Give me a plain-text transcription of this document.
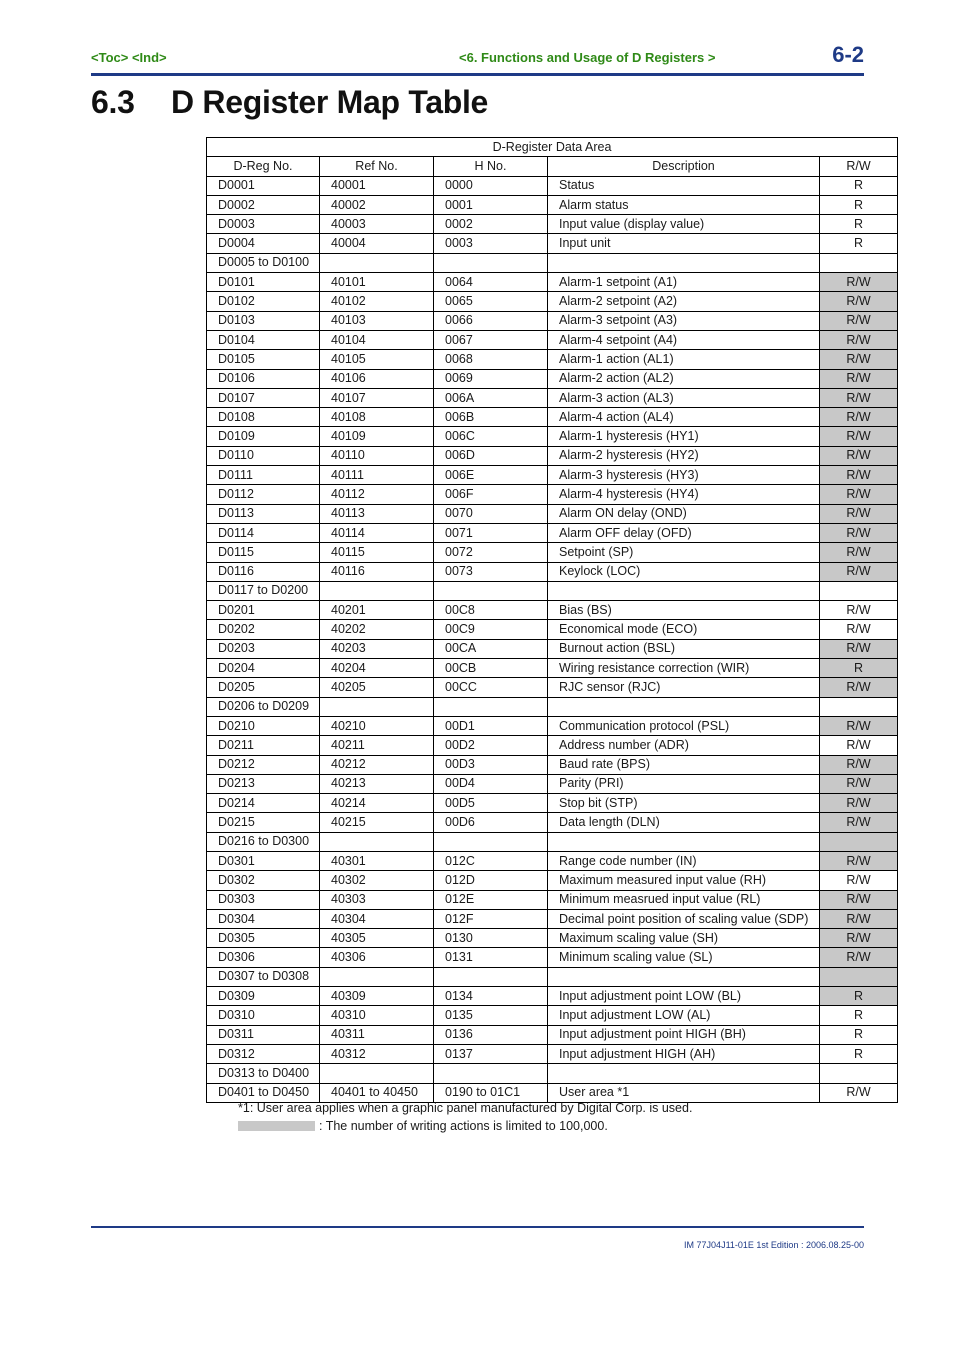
<Toc> <Ind>	<6. Functions and Usage of D Registers >	6-2
6.3 D Register Map Table
D-Register Data Area				
D-Reg No.	Ref No.	H No.	Description	R/W
D0001	40001	0000	Status	R
D0002	40002	0001	Alarm status	R
D0003	40003	0002	Input value (display value)	R
D0004	40004	0003	Input unit	R
D0005 to D0100				
D0101	40101	0064	Alarm-1 setpoint (A1)	R/W
D0102	40102	0065	Alarm-2 setpoint (A2)	R/W
D0103	40103	0066	Alarm-3 setpoint (A3)	R/W
D0104	40104	0067	Alarm-4 setpoint (A4)	R/W
D0105	40105	0068	Alarm-1 action (AL1)	R/W
D0106	40106	0069	Alarm-2 action (AL2)	R/W
D0107	40107	006A	Alarm-3 action (AL3)	R/W
D0108	40108	006B	Alarm-4 action (AL4)	R/W
D0109	40109	006C	Alarm-1 hysteresis (HY1)	R/W
D0110	40110	006D	Alarm-2 hysteresis (HY2)	R/W
D0111	40111	006E	Alarm-3 hysteresis (HY3)	R/W
D0112	40112	006F	Alarm-4 hysteresis (HY4)	R/W
D0113	40113	0070	Alarm ON delay (OND)	R/W
D0114	40114	0071	Alarm OFF delay (OFD)	R/W
D0115	40115	0072	Setpoint (SP)	R/W
D0116	40116	0073	Keylock (LOC)	R/W
D0117 to D0200				
D0201	40201	00C8	Bias (BS)	R/W
D0202	40202	00C9	Economical mode (ECO)	R/W
D0203	40203	00CA	Burnout action (BSL)	R/W
D0204	40204	00CB	Wiring resistance correction (WIR)	R
D0205	40205	00CC	RJC sensor (RJC)	R/W
D0206 to D0209				
D0210	40210	00D1	Communication protocol (PSL)	R/W
D0211	40211	00D2	Address number (ADR)	R/W
D0212	40212	00D3	Baud rate (BPS)	R/W
D0213	40213	00D4	Parity (PRI)	R/W
D0214	40214	00D5	Stop bit (STP)	R/W
D0215	40215	00D6	Data length (DLN)	R/W
D0216 to D0300				
D0301	40301	012C	Range code number (IN)	R/W
D0302	40302	012D	Maximum measured input value (RH)	R/W
D0303	40303	012E	Minimum measrued input value (RL)	R/W
D0304	40304	012F	Decimal point position of scaling value (SDP)	R/W
D0305	40305	0130	Maximum scaling value (SH)	R/W
D0306	40306	0131	Minimum scaling value (SL)	R/W
D0307 to D0308				
D0309	40309	0134	Input adjustment point LOW (BL)	R
D0310	40310	0135	Input adjustment LOW (AL)	R
D0311	40311	0136	Input adjustment point HIGH (BH)	R
D0312	40312	0137	Input adjustment HIGH (AH)	R
D0313 to D0400				
D0401 to D0450	40401 to 40450	0190 to 01C1	User area *1	R/W
*1: User area applies when a graphic panel manufactured by Digital Corp. is used.
: The number of writing actions is limited to 100,000.
IM 77J04J11-01E 1st Edition : 2006.08.25-00
